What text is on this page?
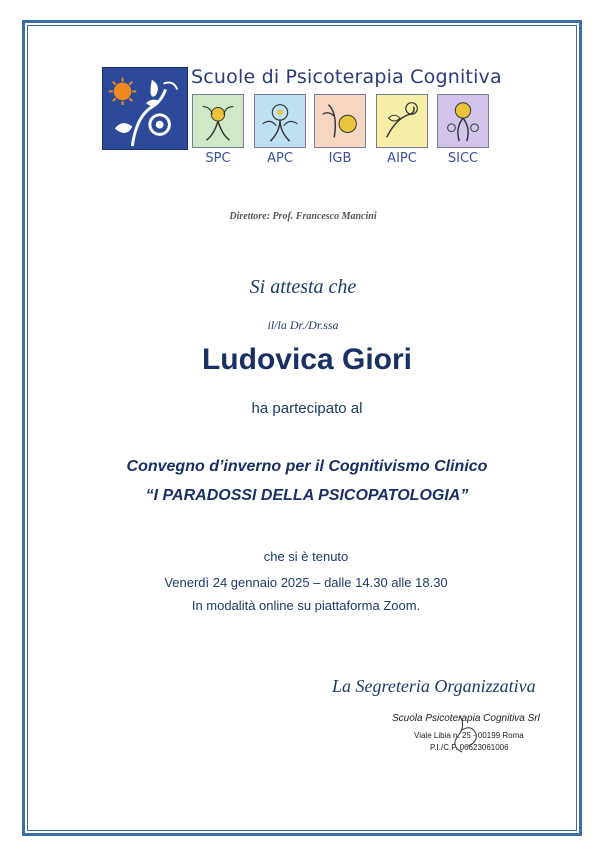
Scuole di Psicoterapia Cognitiva
SPC	APC	IGB	AIPC	SICC
Direttore: Prof. Francesco Mancini
Si attesta che
il/la Dr./Dr.ssa
Ludovica Giori
ha partecipato al
Convegno d’inverno per il Cognitivismo Clinico
“I PARADOSSI DELLA PSICOPATOLOGIA”
che si è tenuto
Venerdì 24 gennaio 2025 – dalle 14.30 alle 18.30
In modalità online su piattaforma Zoom.
La Segreteria Organizzativa
Scuola Psicoterapia Cognitiva Srl
Viale Libia n. 25 - 00199 Roma
P.I./C.F. 06623061006
